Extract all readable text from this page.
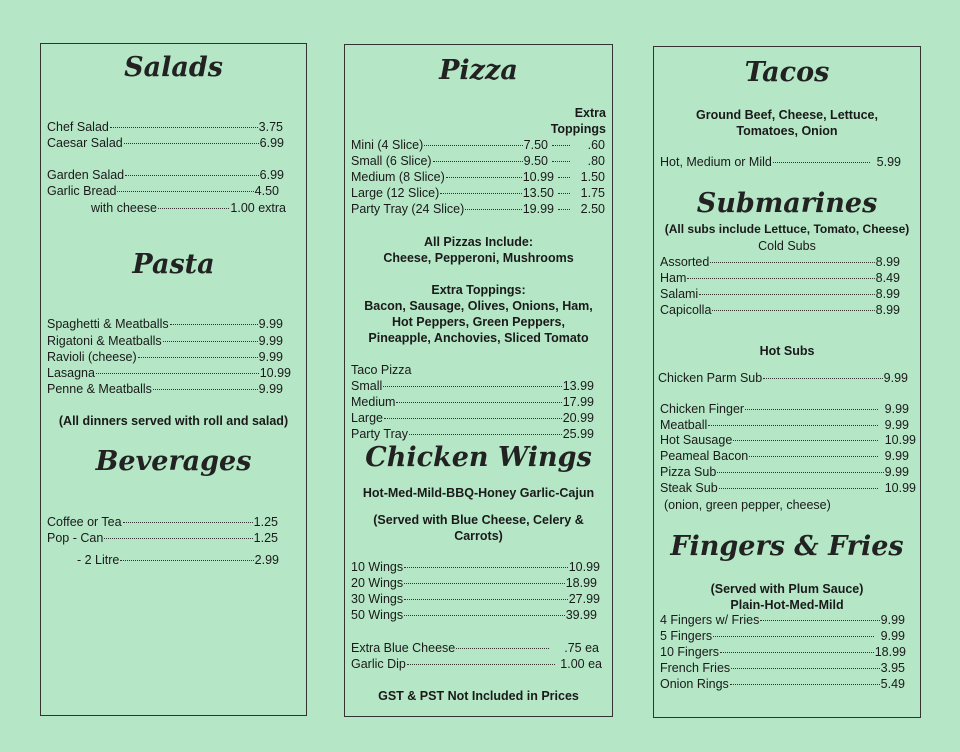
Salads
Chef Salad	3.75
Caesar Salad	6.99
Garden Salad	6.99
Garlic Bread	4.50
with cheese	1.00 extra
Pasta
Spaghetti & Meatballs	9.99
Rigatoni & Meatballs	9.99
Ravioli (cheese)	9.99
Lasagna	10.99
Penne & Meatballs	9.99
(All dinners served with roll and salad)
Beverages
Coffee or Tea	1.25
Pop - Can	1.25
- 2 Litre	2.99
Pizza
Extra
Toppings
Mini (4 Slice)	7.50	.60
Small (6 Slice)	9.50	.80
Medium (8 Slice)	10.99	1.50
Large (12 Slice)	13.50	1.75
Party Tray (24 Slice)	19.99	2.50
All Pizzas Include:
Cheese, Pepperoni, Mushrooms
Extra Toppings:
Bacon, Sausage, Olives, Onions, Ham,
Hot Peppers, Green Peppers,
Pineapple, Anchovies, Sliced Tomato
Taco Pizza
Small	13.99
Medium	17.99
Large	20.99
Party Tray	25.99
Chicken Wings
Hot-Med-Mild-BBQ-Honey Garlic-Cajun
(Served with Blue Cheese, Celery &
Carrots)
10 Wings	10.99
20 Wings	18.99
30 Wings	27.99
50 Wings	39.99
Extra Blue Cheese	.75 ea
Garlic Dip	1.00 ea
GST & PST Not Included in Prices
Tacos
Ground Beef, Cheese, Lettuce,
Tomatoes, Onion
Hot, Medium or Mild	5.99
Submarines
(All subs include Lettuce, Tomato, Cheese)
Cold Subs
Assorted	8.99
Ham	8.49
Salami	8.99
Capicolla	8.99
Hot Subs
Chicken Parm Sub	9.99
Chicken Finger	9.99
Meatball	9.99
Hot Sausage	10.99
Peameal Bacon	9.99
Pizza Sub	9.99
Steak Sub	10.99
(onion, green pepper, cheese)
Fingers & Fries
(Served with Plum Sauce)
Plain-Hot-Med-Mild
4 Fingers w/ Fries	9.99
5 Fingers	9.99
10 Fingers	18.99
French Fries	3.95
Onion Rings	5.49
